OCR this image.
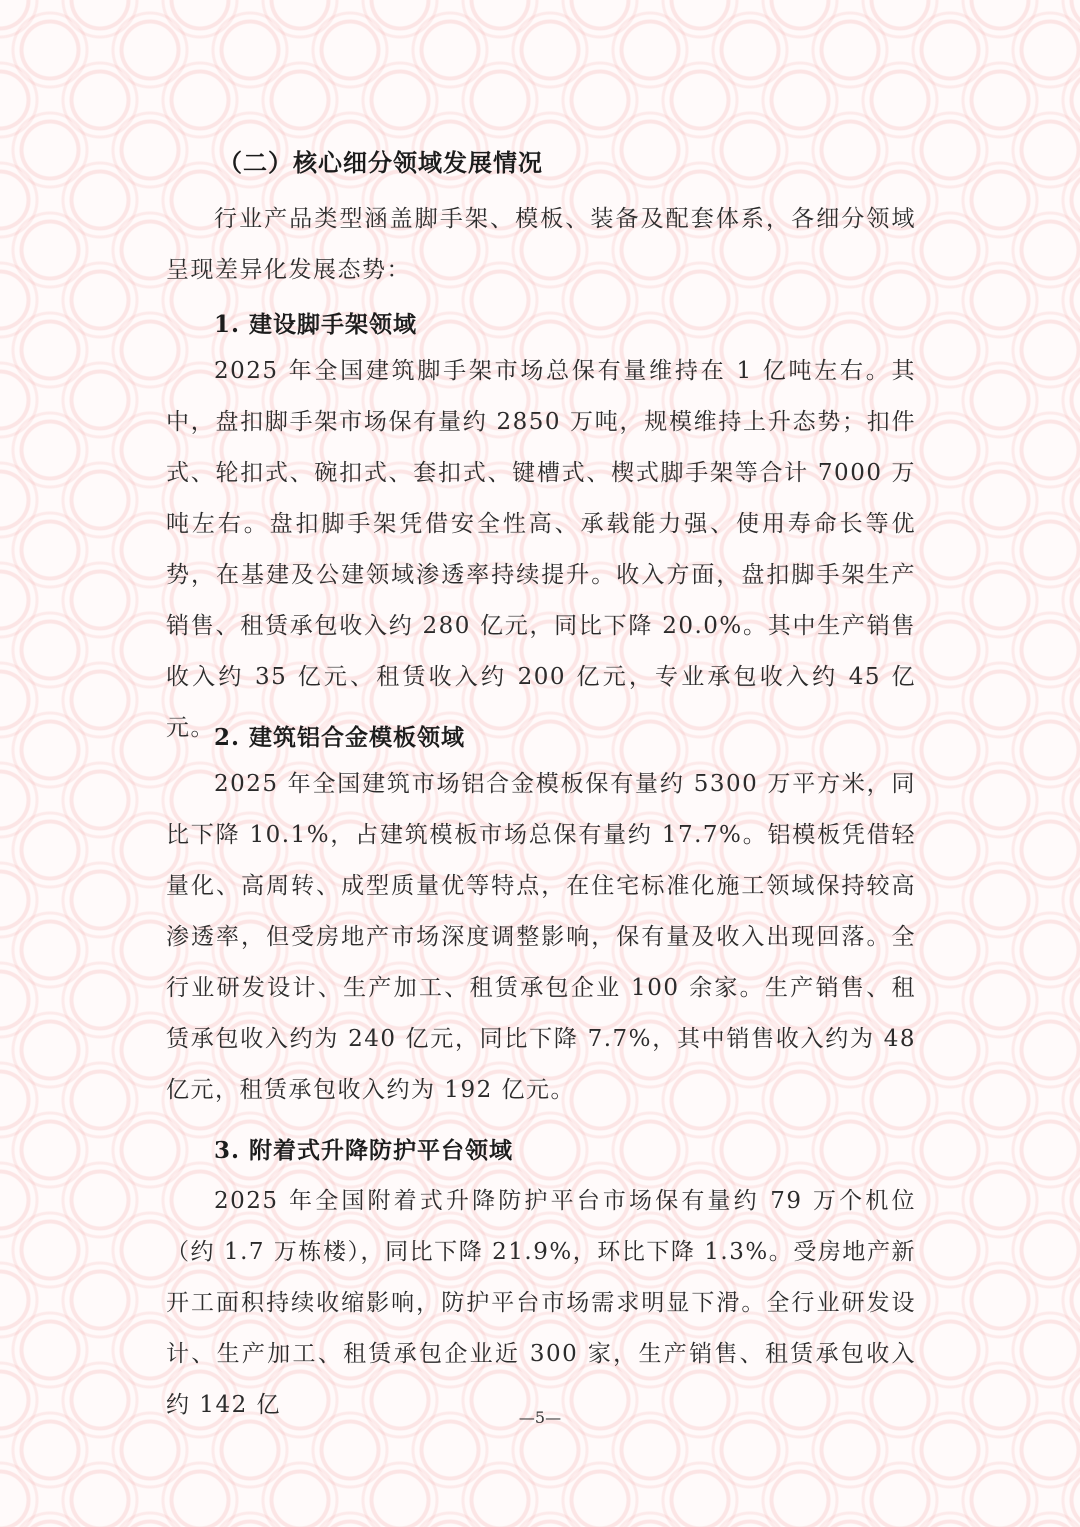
（二）核心细分领域发展情况

行业产品类型涵盖脚手架、模板、装备及配套体系，各细分领域呈现差异化发展态势：

1. 建设脚手架领域

2025 年全国建筑脚手架市场总保有量维持在 1 亿吨左右。其中，盘扣脚手架市场保有量约 2850 万吨，规模维持上升态势；扣件式、轮扣式、碗扣式、套扣式、键槽式、楔式脚手架等合计 7000 万吨左右。盘扣脚手架凭借安全性高、承载能力强、使用寿命长等优势，在基建及公建领域渗透率持续提升。收入方面，盘扣脚手架生产销售、租赁承包收入约 280 亿元，同比下降 20.0%。其中生产销售收入约 35 亿元、租赁收入约 200 亿元，专业承包收入约 45 亿元。 2. 建筑铝合金模板领域

2025 年全国建筑市场铝合金模板保有量约 5300 万平方米，同比下降 10.1%，占建筑模板市场总保有量约 17.7%。铝模板凭借轻量化、高周转、成型质量优等特点，在住宅标准化施工领域保持较高渗透率，但受房地产市场深度调整影响，保有量及收入出现回落。全行业研发设计、生产加工、租赁承包企业 100 余家。生产销售、租赁承包收入约为 240 亿元，同比下降 7.7%，其中销售收入约为 48 亿元，租赁承包收入约为 192 亿元。

3. 附着式升降防护平台领域

2025 年全国附着式升降防护平台市场保有量约 79 万个机位（约 1.7 万栋楼），同比下降 21.9%，环比下降 1.3%。受房地产新开工面积持续收缩影响，防护平台市场需求明显下滑。全行业研发设计、生产加工、租赁承包企业近 300 家，生产销售、租赁承包收入约 142 亿	—5—
